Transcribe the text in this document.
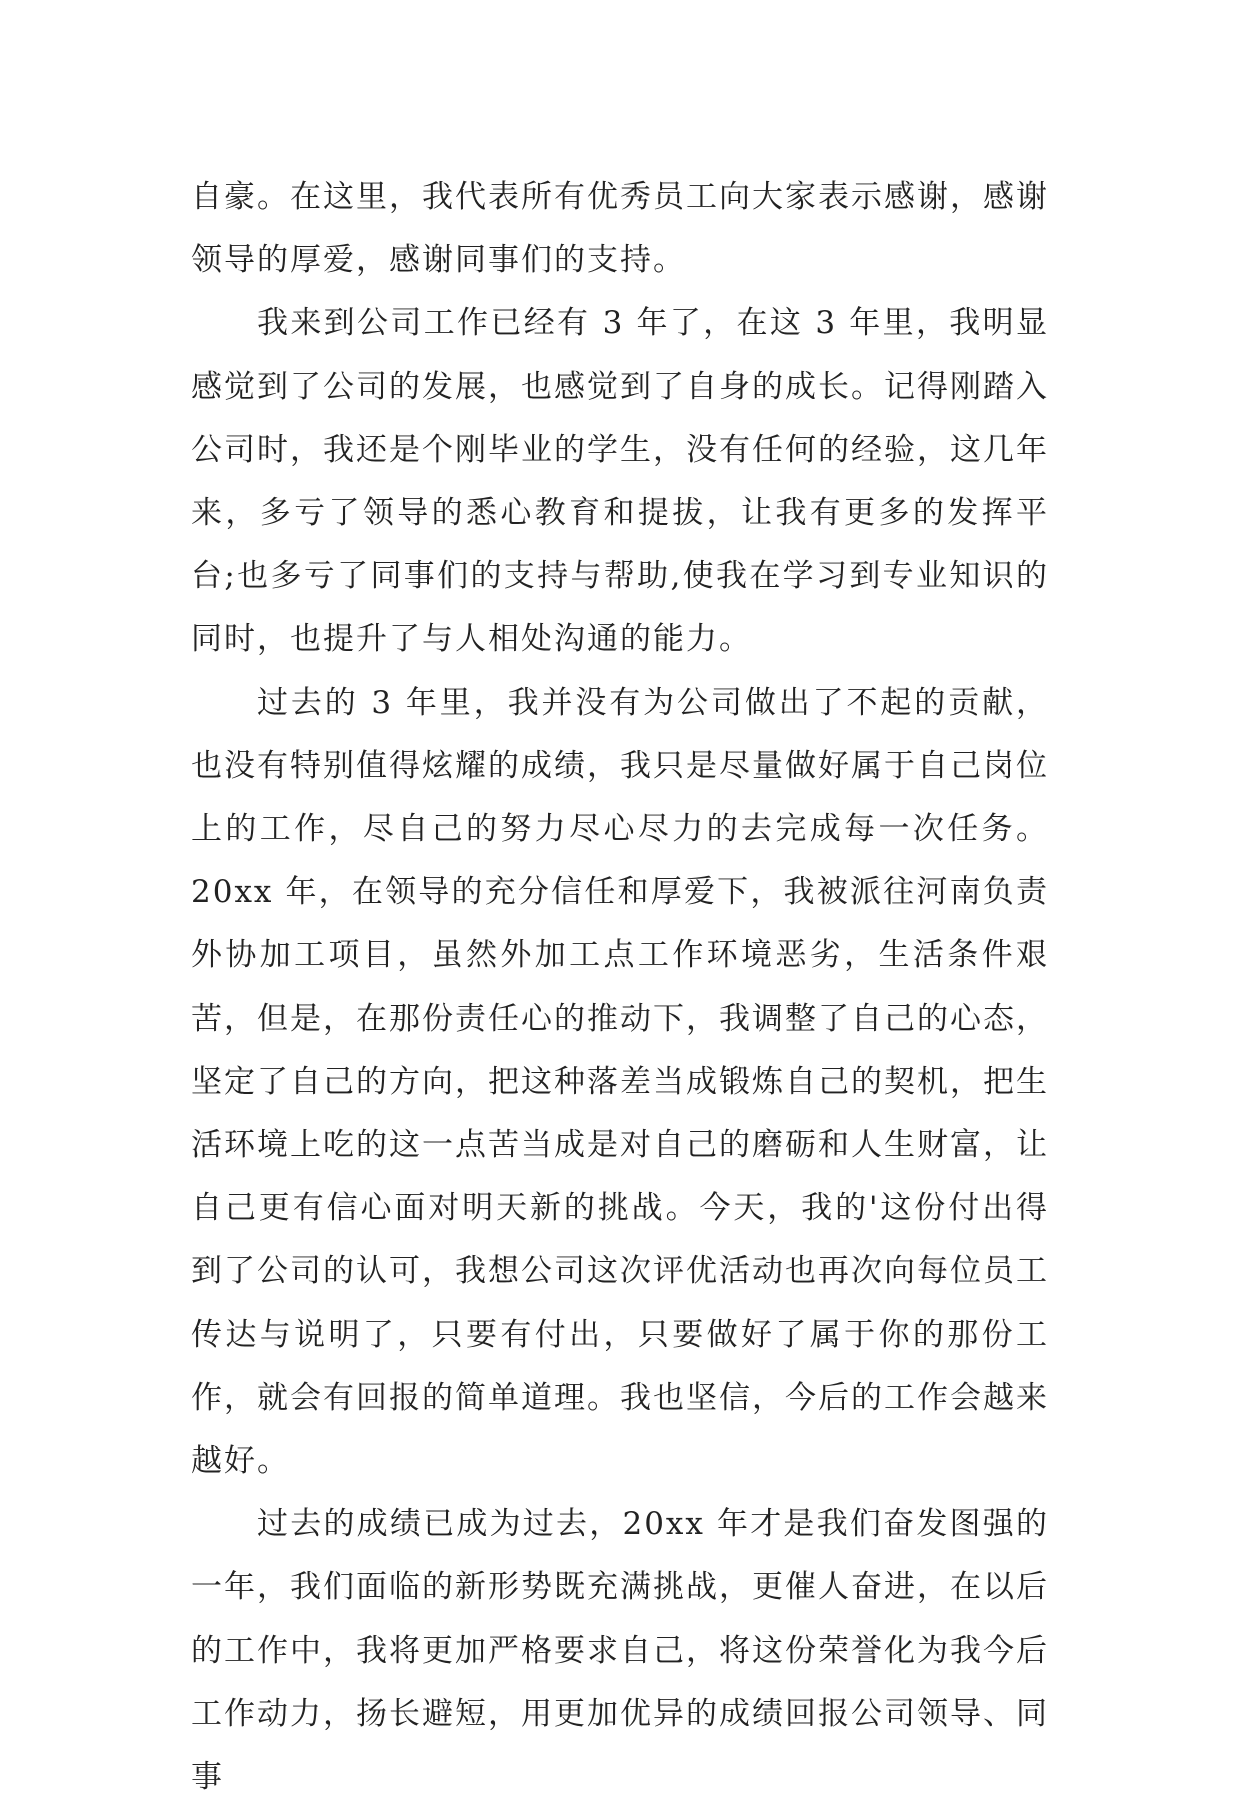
自豪。在这里，我代表所有优秀员工向大家表示感谢，感谢领导的厚爱，感谢同事们的支持。

我来到公司工作已经有 3 年了，在这 3 年里，我明显感觉到了公司的发展，也感觉到了自身的成长。记得刚踏入公司时，我还是个刚毕业的学生，没有任何的经验，这几年来，多亏了领导的悉心教育和提拔，让我有更多的发挥平台;也多亏了同事们的支持与帮助,使我在学习到专业知识的同时，也提升了与人相处沟通的能力。

过去的 3 年里，我并没有为公司做出了不起的贡献，也没有特别值得炫耀的成绩，我只是尽量做好属于自己岗位上的工作，尽自己的努力尽心尽力的去完成每一次任务。20xx 年，在领导的充分信任和厚爱下，我被派往河南负责外协加工项目，虽然外加工点工作环境恶劣，生活条件艰苦，但是，在那份责任心的推动下，我调整了自己的心态，坚定了自己的方向，把这种落差当成锻炼自己的契机，把生活环境上吃的这一点苦当成是对自己的磨砺和人生财富，让自己更有信心面对明天新的挑战。今天，我的'这份付出得到了公司的认可，我想公司这次评优活动也再次向每位员工传达与说明了，只要有付出，只要做好了属于你的那份工作，就会有回报的简单道理。我也坚信，今后的工作会越来越好。

过去的成绩已成为过去，20xx 年才是我们奋发图强的一年，我们面临的新形势既充满挑战，更催人奋进，在以后的工作中，我将更加严格要求自己，将这份荣誉化为我今后工作动力，扬长避短，用更加优异的成绩回报公司领导、同事
